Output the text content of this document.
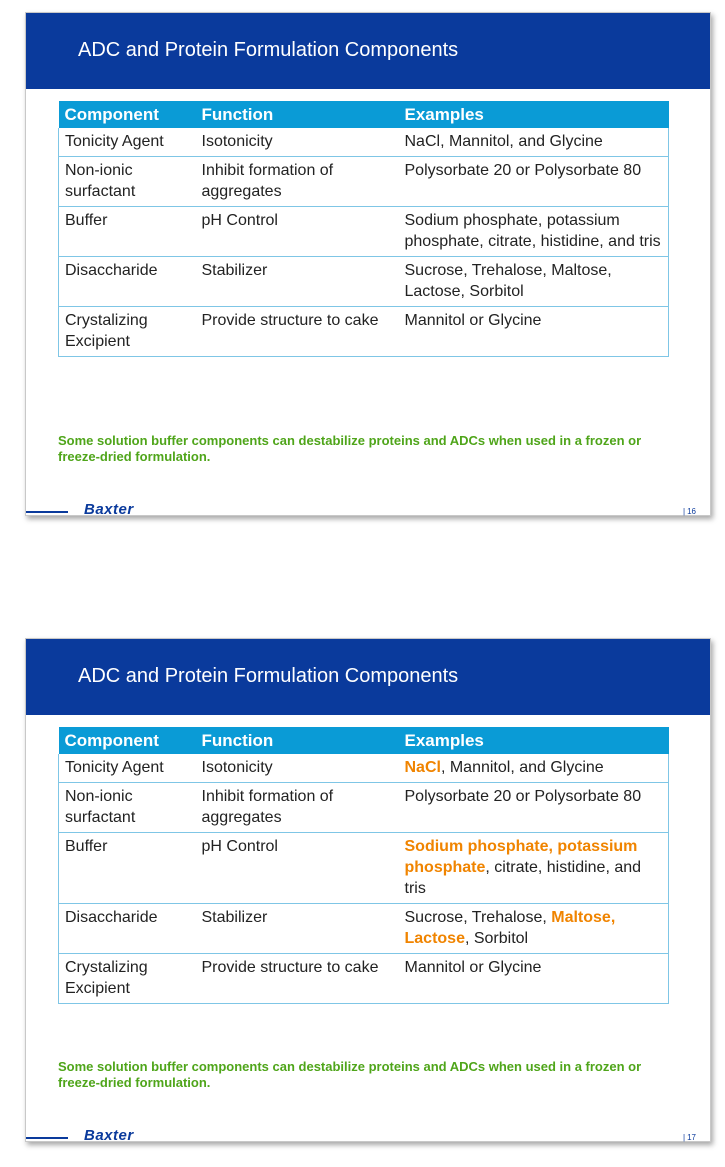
ADC and Protein Formulation Components
Component	Function	Examples
Tonicity Agent	Isotonicity	NaCl, Mannitol, and Glycine
Non-ionic surfactant	Inhibit formation of aggregates	Polysorbate 20 or Polysorbate 80
Buffer	pH Control	Sodium phosphate, potassium phosphate, citrate, histidine, and tris
Disaccharide	Stabilizer	Sucrose, Trehalose, Maltose, Lactose, Sorbitol
Crystalizing Excipient	Provide structure to cake	Mannitol or Glycine
Some solution buffer components can destabilize proteins and ADCs when used in a frozen or freeze-dried formulation.
Baxter	| 16
ADC and Protein Formulation Components
Component	Function	Examples
Tonicity Agent	Isotonicity	NaCl, Mannitol, and Glycine
Non-ionic surfactant	Inhibit formation of aggregates	Polysorbate 20 or Polysorbate 80
Buffer	pH Control	Sodium phosphate, potassium phosphate, citrate, histidine, and tris
Disaccharide	Stabilizer	Sucrose, Trehalose, Maltose, Lactose, Sorbitol
Crystalizing Excipient	Provide structure to cake	Mannitol or Glycine
Some solution buffer components can destabilize proteins and ADCs when used in a frozen or freeze-dried formulation.
Baxter	| 17
